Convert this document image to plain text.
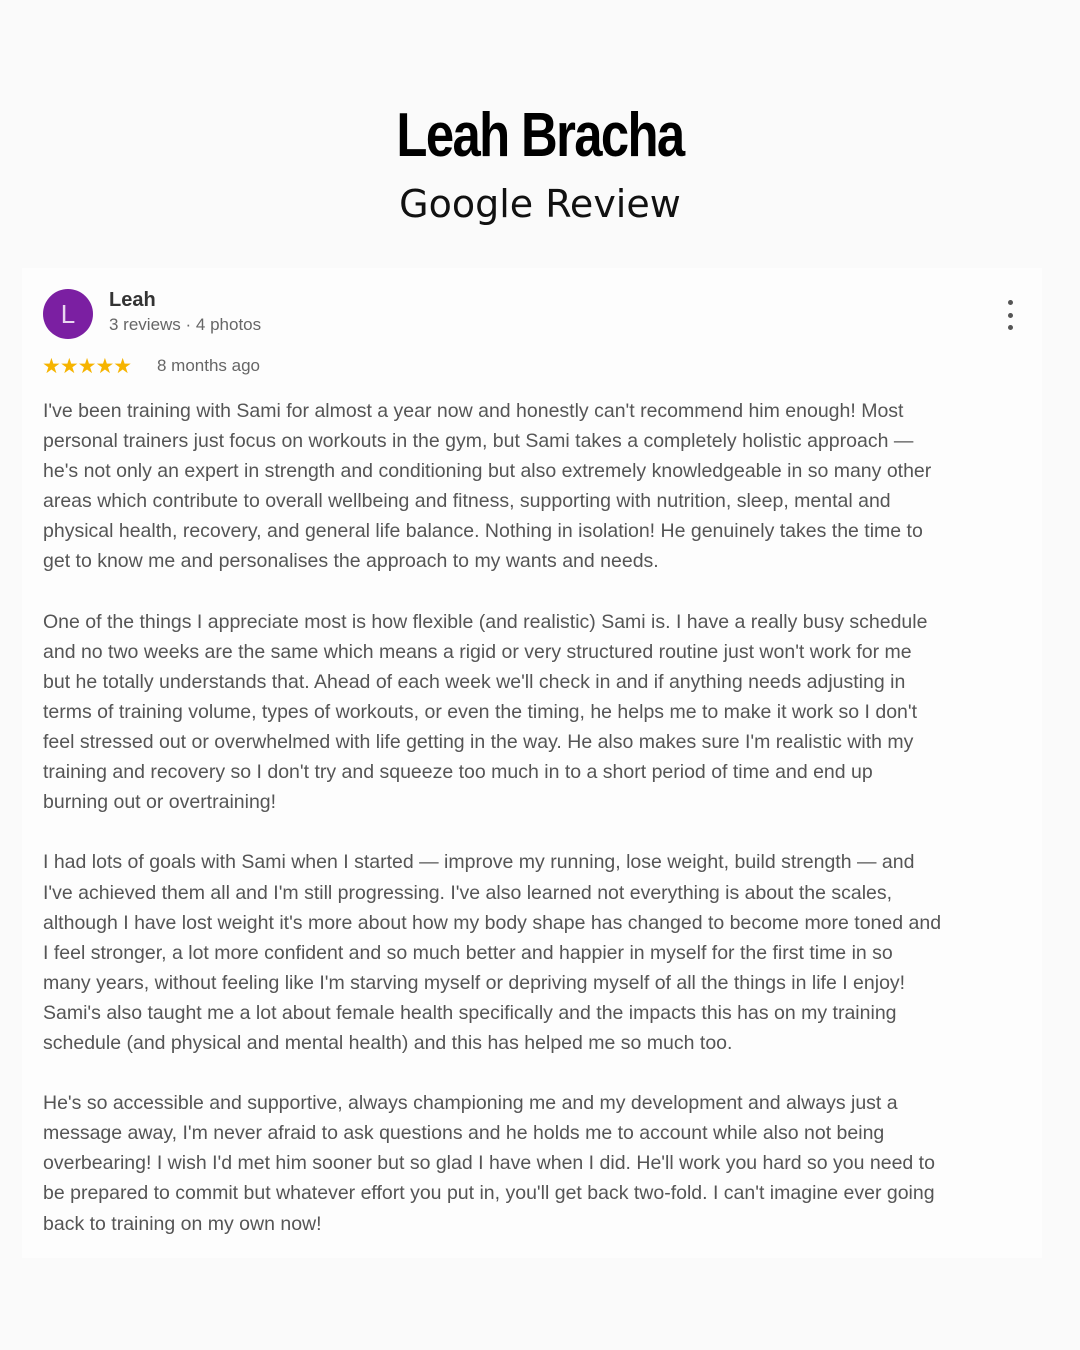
Leah Bracha
Google Review
L Leah
3 reviews · 4 photos
★★★★★ 8 months ago
I've been training with Sami for almost a year now and honestly can't recommend him enough! Most
personal trainers just focus on workouts in the gym, but Sami takes a completely holistic approach —
he's not only an expert in strength and conditioning but also extremely knowledgeable in so many other
areas which contribute to overall wellbeing and fitness, supporting with nutrition, sleep, mental and
physical health, recovery, and general life balance. Nothing in isolation! He genuinely takes the time to
get to know me and personalises the approach to my wants and needs.
One of the things I appreciate most is how flexible (and realistic) Sami is. I have a really busy schedule
and no two weeks are the same which means a rigid or very structured routine just won't work for me
but he totally understands that. Ahead of each week we'll check in and if anything needs adjusting in
terms of training volume, types of workouts, or even the timing, he helps me to make it work so I don't
feel stressed out or overwhelmed with life getting in the way. He also makes sure I'm realistic with my
training and recovery so I don't try and squeeze too much in to a short period of time and end up
burning out or overtraining!
I had lots of goals with Sami when I started — improve my running, lose weight, build strength — and
I've achieved them all and I'm still progressing. I've also learned not everything is about the scales,
although I have lost weight it's more about how my body shape has changed to become more toned and
I feel stronger, a lot more confident and so much better and happier in myself for the first time in so
many years, without feeling like I'm starving myself or depriving myself of all the things in life I enjoy!
Sami's also taught me a lot about female health specifically and the impacts this has on my training
schedule (and physical and mental health) and this has helped me so much too.
He's so accessible and supportive, always championing me and my development and always just a
message away, I'm never afraid to ask questions and he holds me to account while also not being
overbearing! I wish I'd met him sooner but so glad I have when I did. He'll work you hard so you need to
be prepared to commit but whatever effort you put in, you'll get back two-fold. I can't imagine ever going
back to training on my own now!
